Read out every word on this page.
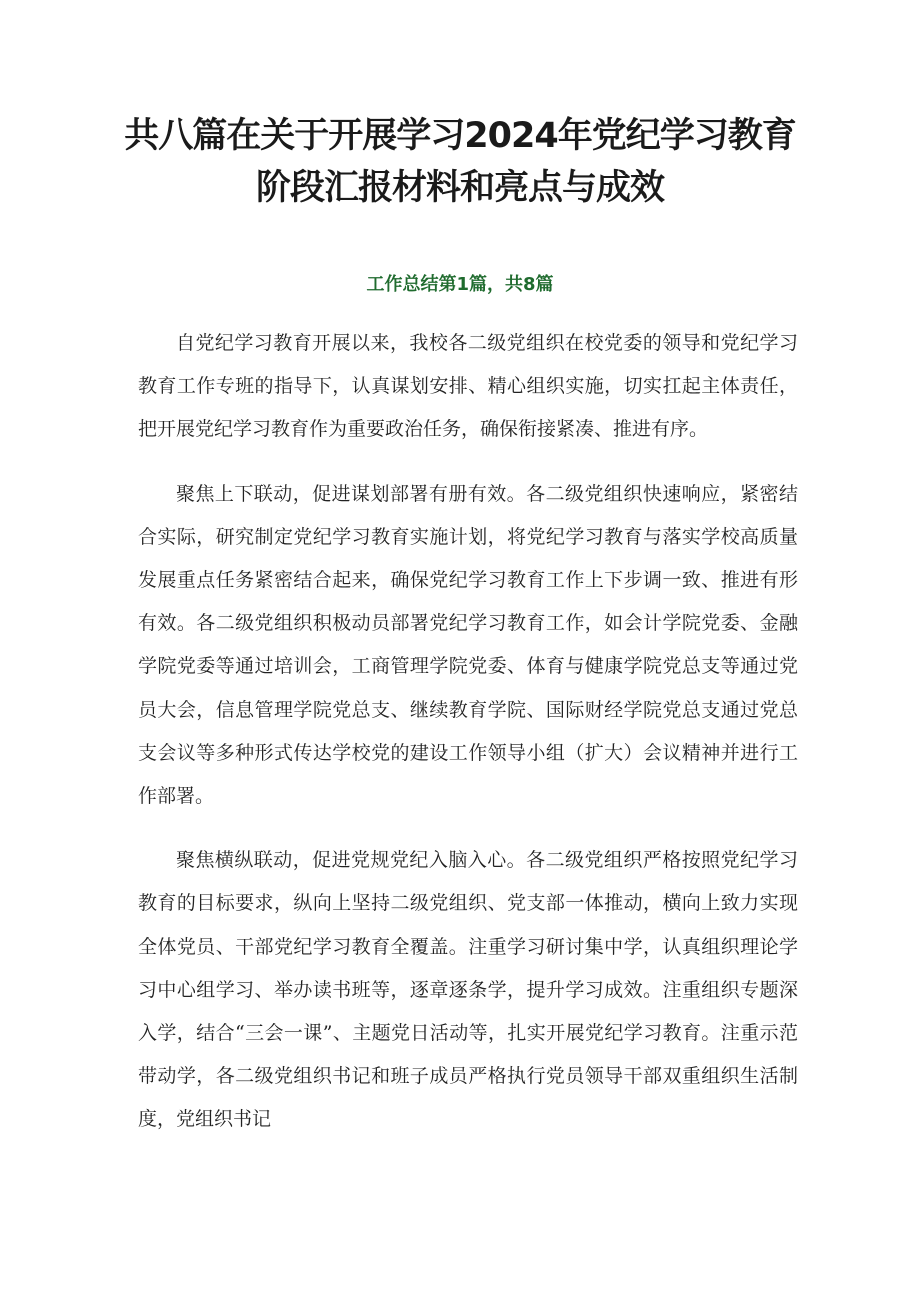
共八篇在关于开展学习2024年党纪学习教育阶段汇报材料和亮点与成效
工作总结第1篇，共8篇

自党纪学习教育开展以来，我校各二级党组织在校党委的领导和党纪学习教育工作专班的指导下，认真谋划安排、精心组织实施，切实扛起主体责任，把开展党纪学习教育作为重要政治任务，确保衔接紧凑、推进有序。

聚焦上下联动，促进谋划部署有册有效。各二级党组织快速响应，紧密结合实际，研究制定党纪学习教育实施计划，将党纪学习教育与落实学校高质量发展重点任务紧密结合起来，确保党纪学习教育工作上下步调一致、推进有形有效。各二级党组织积极动员部署党纪学习教育工作，如会计学院党委、金融学院党委等通过培训会，工商管理学院党委、体育与健康学院党总支等通过党员大会，信息管理学院党总支、继续教育学院、国际财经学院党总支通过党总支会议等多种形式传达学校党的建设工作领导小组（扩大）会议精神并进行工作部署。

聚焦横纵联动，促进党规党纪入脑入心。各二级党组织严格按照党纪学习教育的目标要求，纵向上坚持二级党组织、党支部一体推动，横向上致力实现全体党员、干部党纪学习教育全覆盖。注重学习研讨集中学，认真组织理论学习中心组学习、举办读书班等，逐章逐条学，提升学习成效。注重组织专题深入学，结合“三会一课”、主题党日活动等，扎实开展党纪学习教育。注重示范带动学，各二级党组织书记和班子成员严格执行党员领导干部双重组织生活制度，党组织书记
